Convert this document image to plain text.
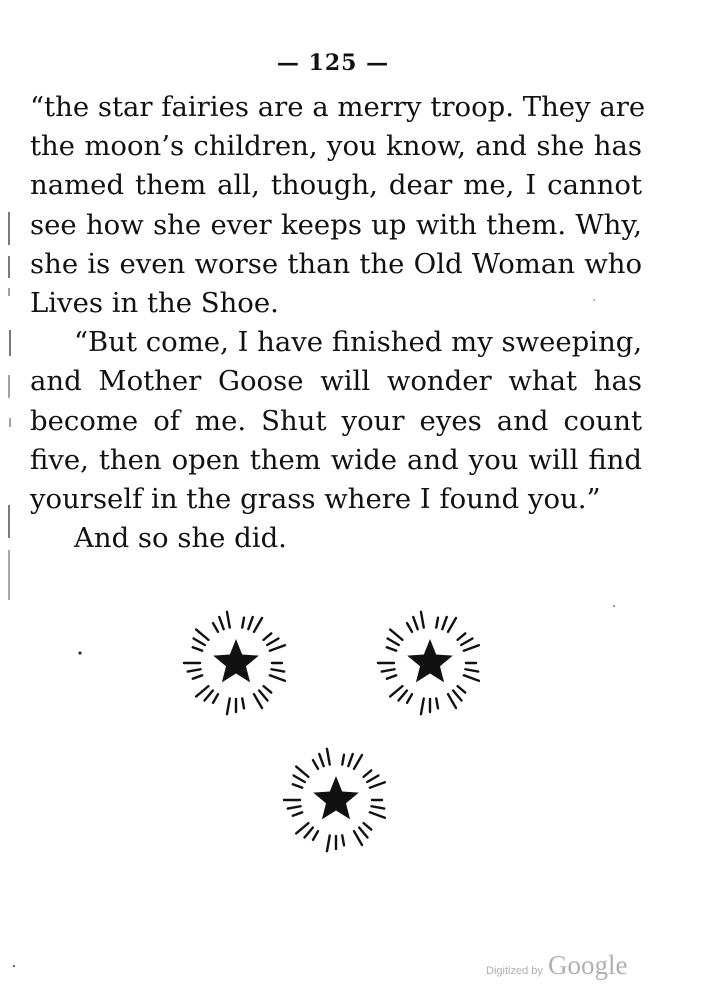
— 125 —
“the star fairies are a merry troop. They are
the moon’s children, you know, and she has
named them all, though, dear me, I cannot
see how she ever keeps up with them. Why,
she is even worse than the Old Woman who
Lives in the Shoe.
“But come, I have finished my sweeping,
and Mother Goose will wonder what has
become of me. Shut your eyes and count
five, then open them wide and you will find
yourself in the grass where I found you.”
And so she did.
Digitized by Google
